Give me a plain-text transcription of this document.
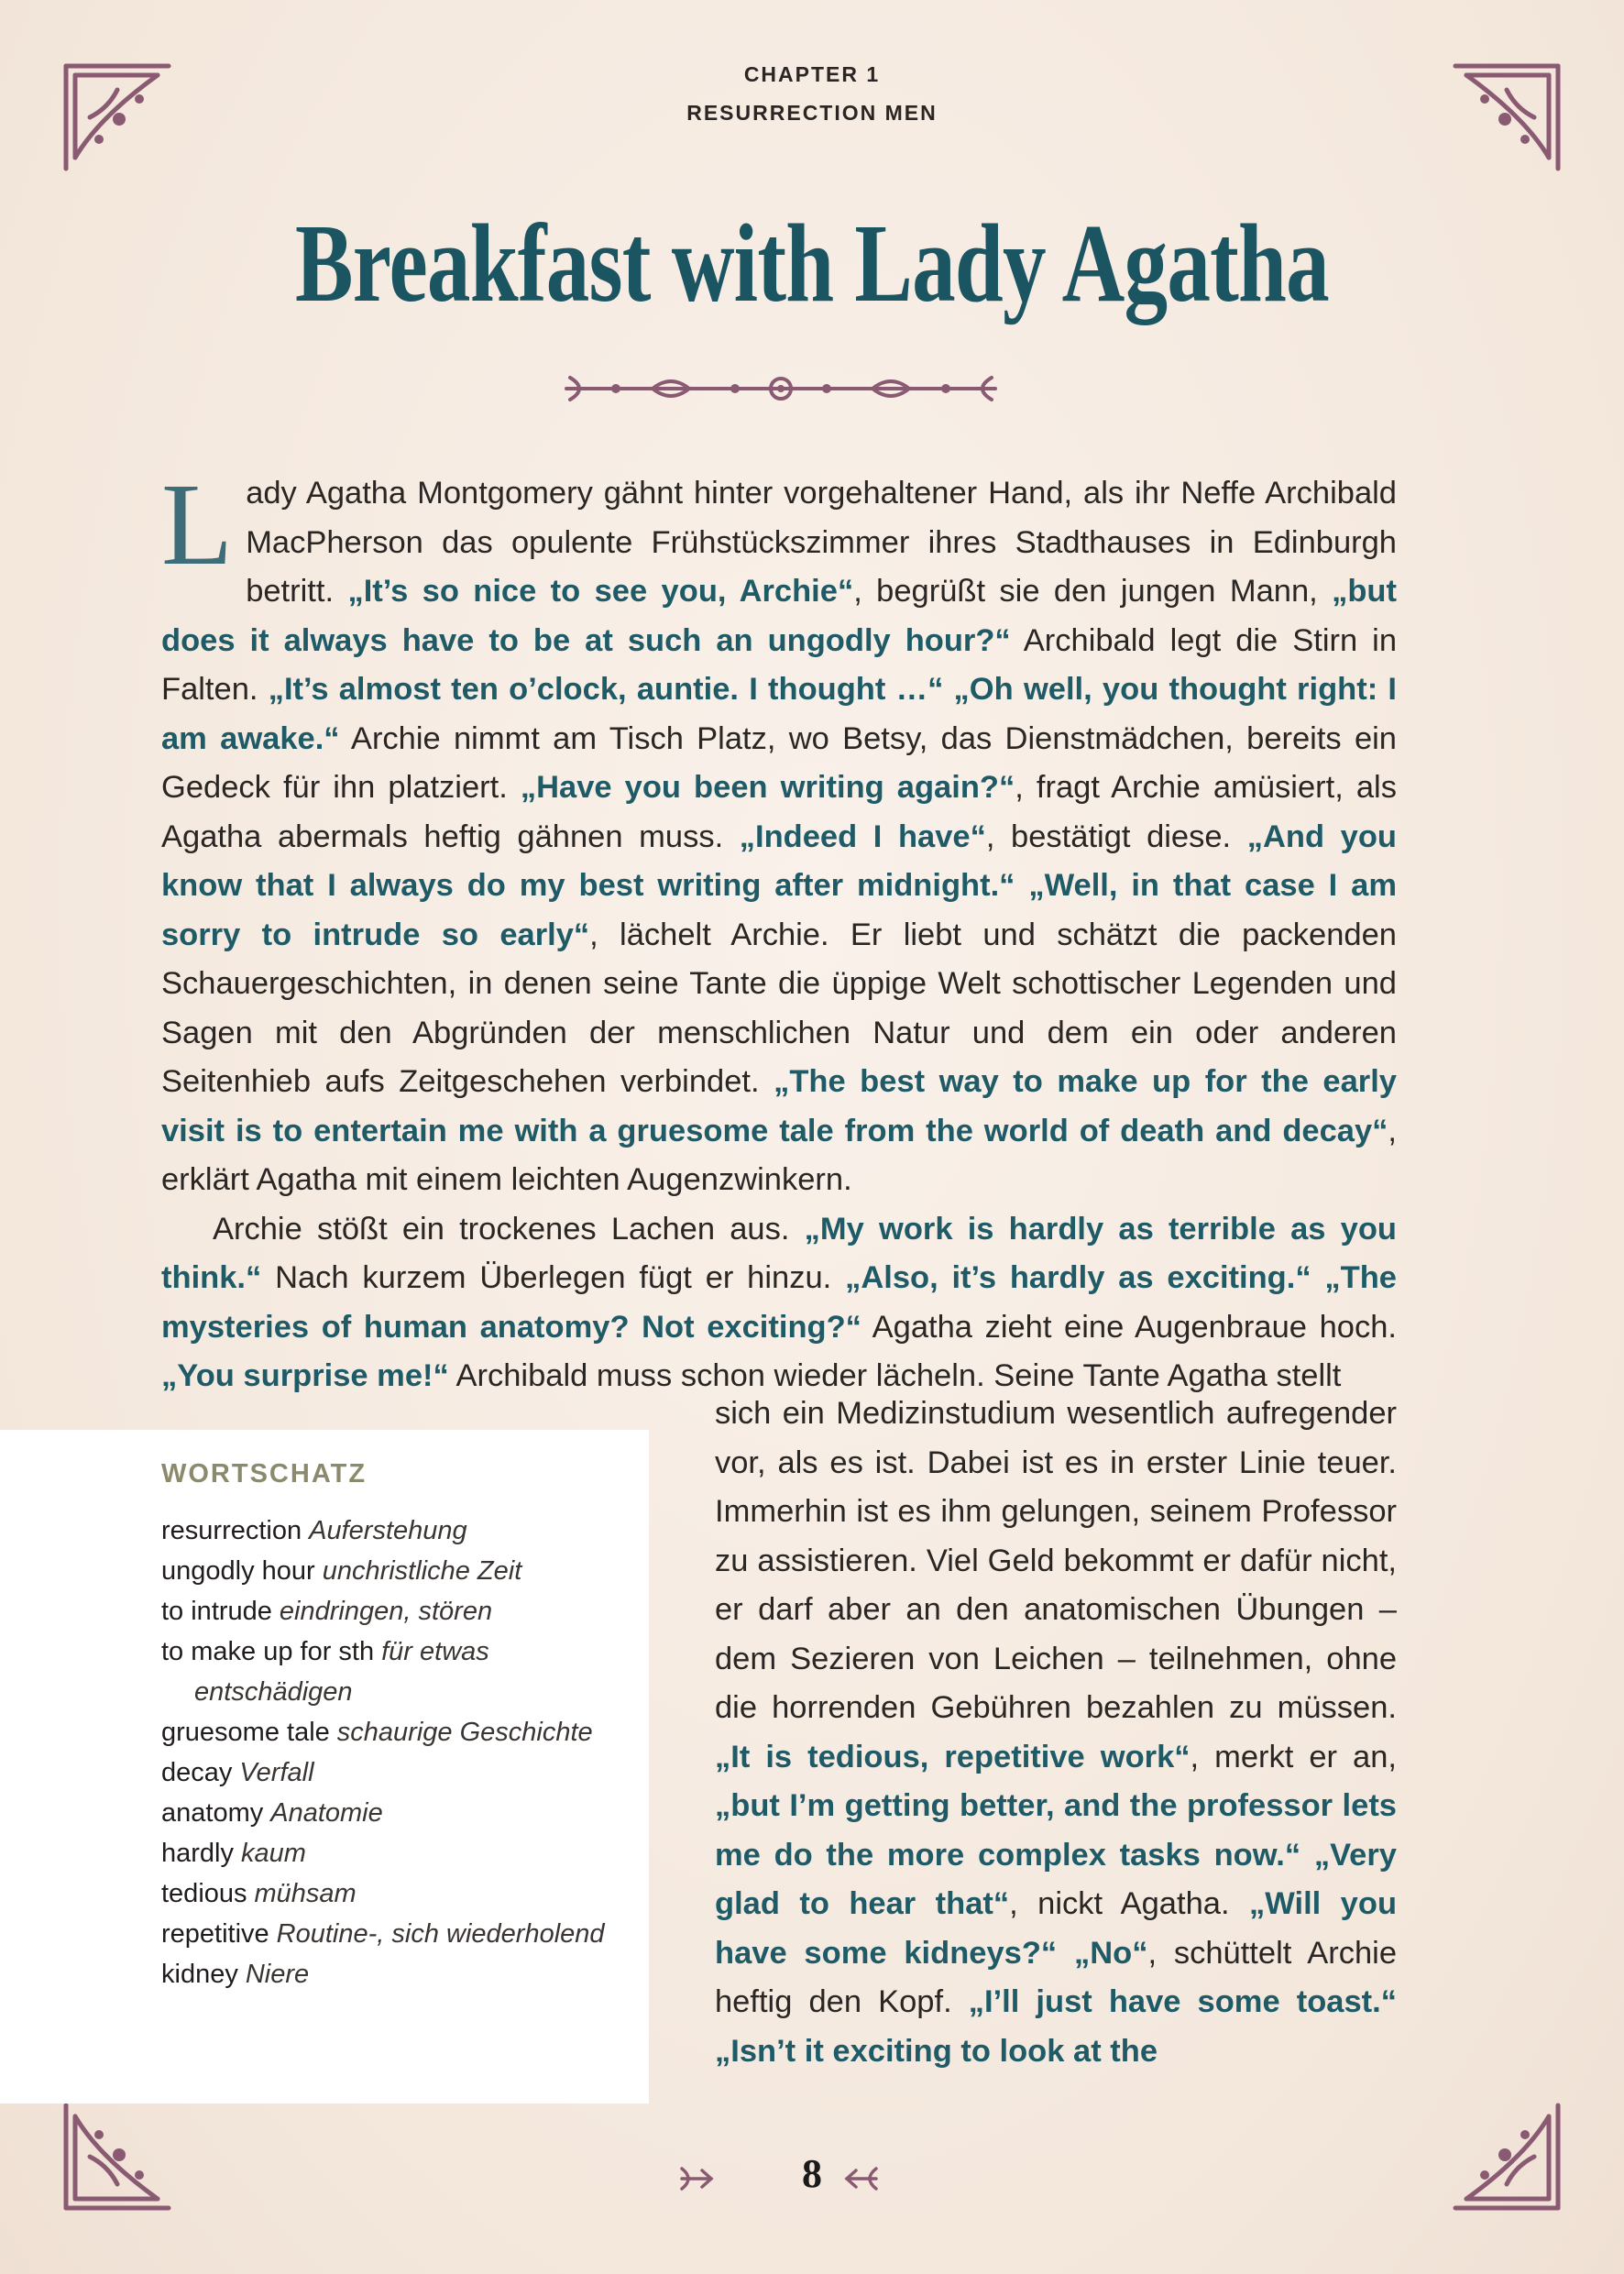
CHAPTER 1
RESURRECTION MEN
Breakfast with Lady Agatha

Lady Agatha Montgomery gähnt hinter vorgehaltener Hand, als ihr Neffe Archibald MacPherson das opulente Frühstückszimmer ihres Stadthauses in Edinburgh betritt. „It’s so nice to see you, Archie“, begrüßt sie den jungen Mann, „but does it always have to be at such an ungodly hour?“ Archibald legt die Stirn in Falten. „It’s almost ten o’clock, auntie. I thought …“ „Oh well, you thought right: I am awake.“ Archie nimmt am Tisch Platz, wo Betsy, das Dienstmädchen, bereits ein Gedeck für ihn platziert. „Have you been writing again?“, fragt Archie amüsiert, als Agatha abermals heftig gähnen muss. „Indeed I have“, bestätigt diese. „And you know that I always do my best writing after midnight.“ „Well, in that case I am sorry to intrude so early“, lächelt Archie. Er liebt und schätzt die packenden Schauergeschichten, in denen seine Tante die üppige Welt schottischer Legenden und Sagen mit den Abgründen der menschlichen Natur und dem ein oder anderen Seitenhieb aufs Zeitgeschehen verbindet. „The best way to make up for the early visit is to entertain me with a gruesome tale from the world of death and decay“, erklärt Agatha mit einem leichten Augenzwinkern.

Archie stößt ein trockenes Lachen aus. „My work is hardly as terrible as you think.“ Nach kurzem Überlegen fügt er hinzu. „Also, it’s hardly as exciting.“ „The mysteries of human anatomy? Not exciting?“ Agatha zieht eine Augenbraue hoch. „You surprise me!“ Archibald muss schon wieder lächeln. Seine Tante Agatha stellt

sich ein Medizinstudium wesentlich aufregender vor, als es ist. Dabei ist es in erster Linie teuer. Immerhin ist es ihm gelungen, seinem Professor zu assistieren. Viel Geld bekommt er dafür nicht, er darf aber an den anatomischen Übungen – dem Sezieren von Leichen – teilnehmen, ohne die horrenden Gebühren bezahlen zu müssen. „It is tedious, repetitive work“, merkt er an, „but I’m getting better, and the professor lets me do the more complex tasks now.“ „Very glad to hear that“, nickt Agatha. „Will you have some kidneys?“ „No“, schüttelt Archie heftig den Kopf. „I’ll just have some toast.“ „Isn’t it exciting to look at the

WORTSCHATZ
resurrection Auferstehung
ungodly hour unchristliche Zeit
to intrude eindringen, stören
to make up for sth für etwas entschädigen
gruesome tale schaurige Geschichte
decay Verfall
anatomy Anatomie
hardly kaum
tedious mühsam
repetitive Routine-, sich wiederholend
kidney Niere
8
